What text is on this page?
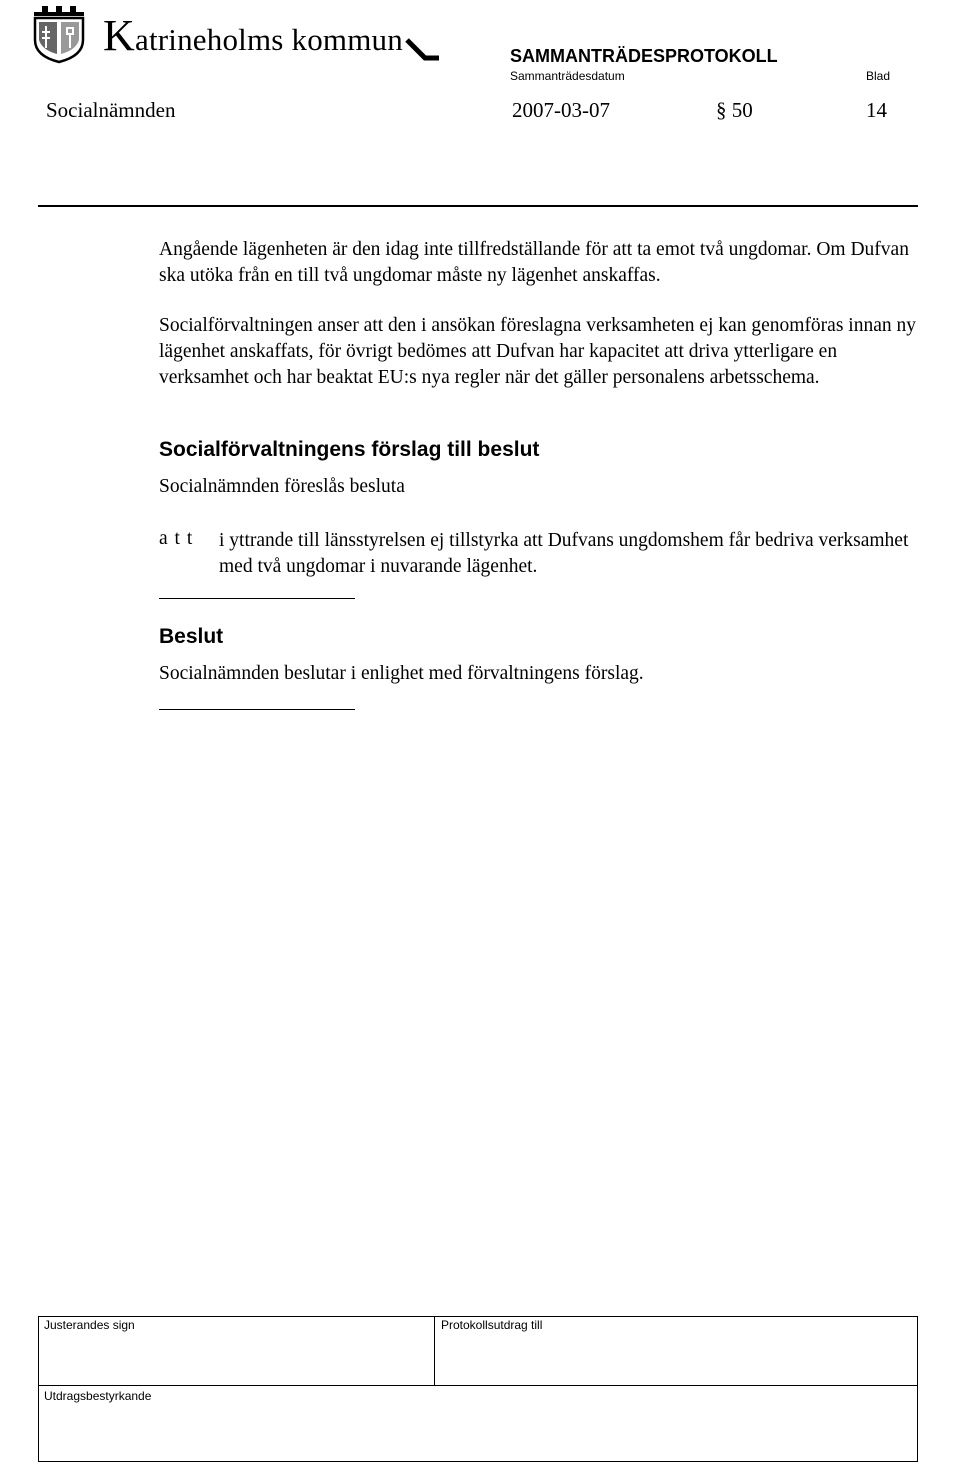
Katrineholms kommun	SAMMANTRÄDESPROTOKOLL
Sammanträdesdatum	Blad
Socialnämnden	2007-03-07	§ 50	14

Angående lägenheten är den idag inte tillfredställande för att ta emot två ungdomar. Om Dufvan ska utöka från en till två ungdomar måste ny lägenhet anskaffas.

Socialförvaltningen anser att den i ansökan föreslagna verksamheten ej kan genomföras innan ny lägenhet anskaffats, för övrigt bedömes att Dufvan har kapacitet att driva ytterligare en verksamhet och har beaktat EU:s nya regler när det gäller personalens arbetsschema.

Socialförvaltningens förslag till beslut
Socialnämnden föreslås besluta
a t t i yttrande till länsstyrelsen ej tillstyrka att Dufvans ungdomshem får bedriva verksamhet med två ungdomar i nuvarande lägenhet.

Beslut
Socialnämnden beslutar i enlighet med förvaltningens förslag.
Justerandes sign	Protokollsutdrag till
Utdragsbestyrkande
